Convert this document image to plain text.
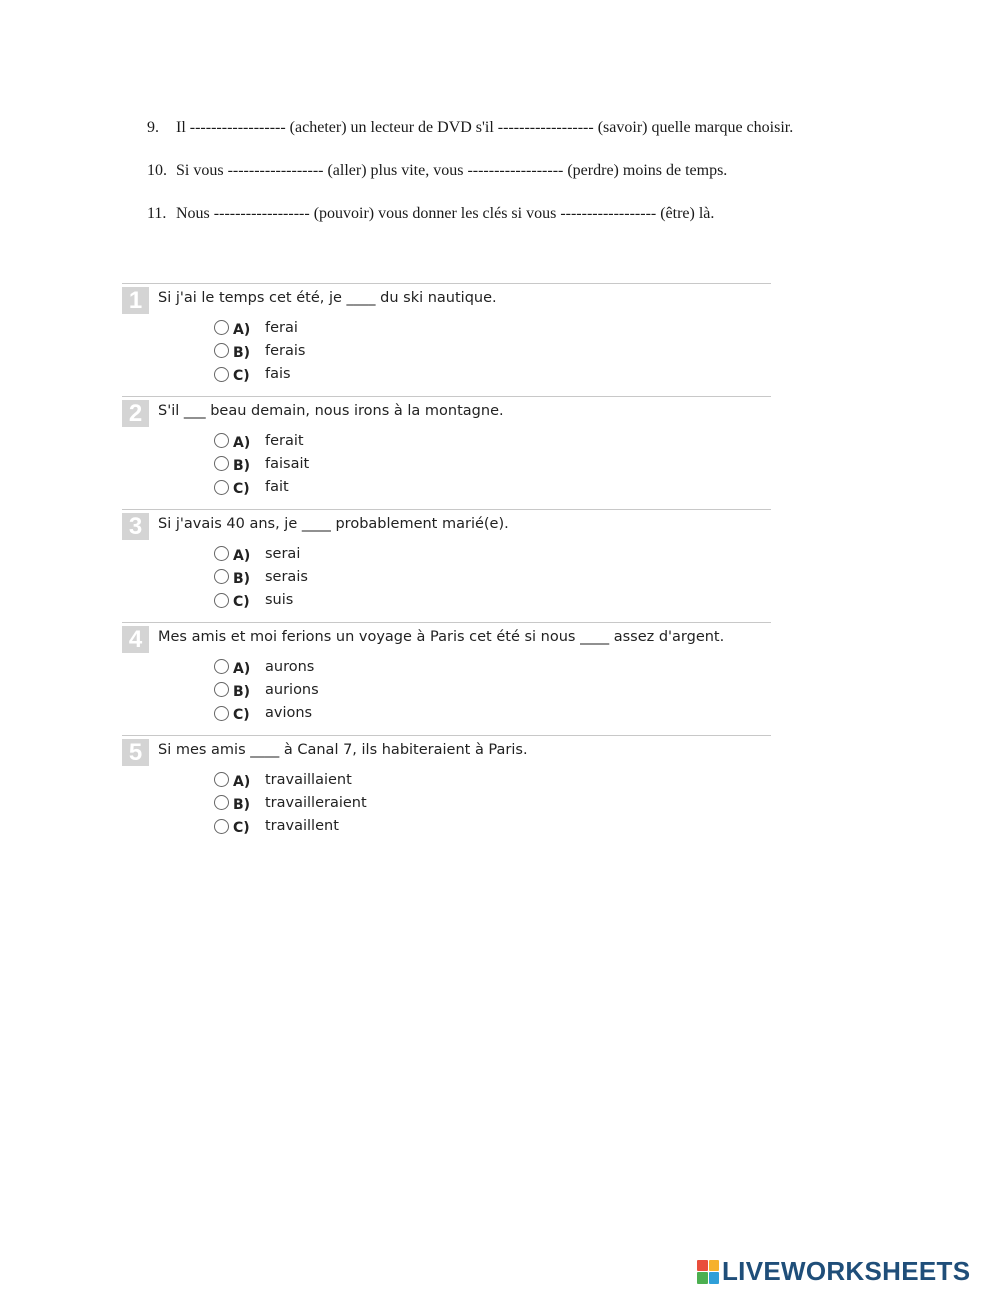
9. Il ------------------ (acheter) un lecteur de DVD s'il ------------------ (savoir) quelle marque choisir.
10. Si vous ------------------ (aller) plus vite, vous ------------------ (perdre) moins de temps.
11. Nous ------------------ (pouvoir) vous donner les clés si vous ------------------ (être) là.
1	Si j'ai le temps cet été, je ____ du ski nautique.
A)	ferai
B)	ferais
C)	fais
2	S'il ___ beau demain, nous irons à la montagne.
A)	ferait
B)	faisait
C)	fait
3	Si j'avais 40 ans, je ____ probablement marié(e).
A)	serai
B)	serais
C)	suis
4	Mes amis et moi ferions un voyage à Paris cet été si nous ____ assez d'argent.
A)	aurons
B)	aurions
C)	avions
5	Si mes amis ____ à Canal 7, ils habiteraient à Paris.
A)	travaillaient
B)	travailleraient
C)	travaillent
LIVEWORKSHEETS
